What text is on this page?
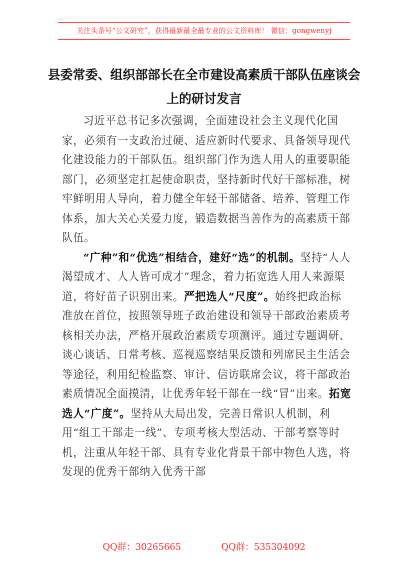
关注头条号“公文研究”，获得最新最全最专业的公文资料库！ 微信：gongwenyj
县委常委、组织部部长在全市建设高素质干部队伍座谈会
上的研讨发言

习近平总书记多次强调，全面建设社会主义现代化国家，必须有一支政治过硬、适应新时代要求、具备领导现代化建设能力的干部队伍。组织部门作为选人用人的重要职能部门，必须坚定扛起使命职责，坚持新时代好干部标准，树牢鲜明用人导向，着力健全年轻干部储备、培养、管理工作体系，加大关心关爱力度，锻造数据当善作为的高素质干部队伍。

“广种”和“优选”相结合，建好“选”的机制。坚持“人人渴望成才、人人皆可成才”理念，着力拓宽选人用人来源渠道，将好苗子识别出来。严把选人“尺度”。始终把政治标准放在首位，按照领导班子政治建设和领导干部政治素质考核相关办法，严格开展政治素质专项测评。通过专题调研、谈心谈话、日常考核、巡视巡察结果反馈和列席民主生活会等途径，利用纪检监察、审计、信访联席会议，将干部政治素质情况全面摸清，让优秀年轻干部在一线“冒”出来。拓宽选人“广度”。坚持从大局出发，完善日常识人机制，利用“组工干部走一线”、专项考核大型活动、干部考察等时机，注重从年轻干部、具有专业化背景干部中物色人选，将发现的优秀干部纳入优秀干部

QQ群：30265665	QQ群：535304092
